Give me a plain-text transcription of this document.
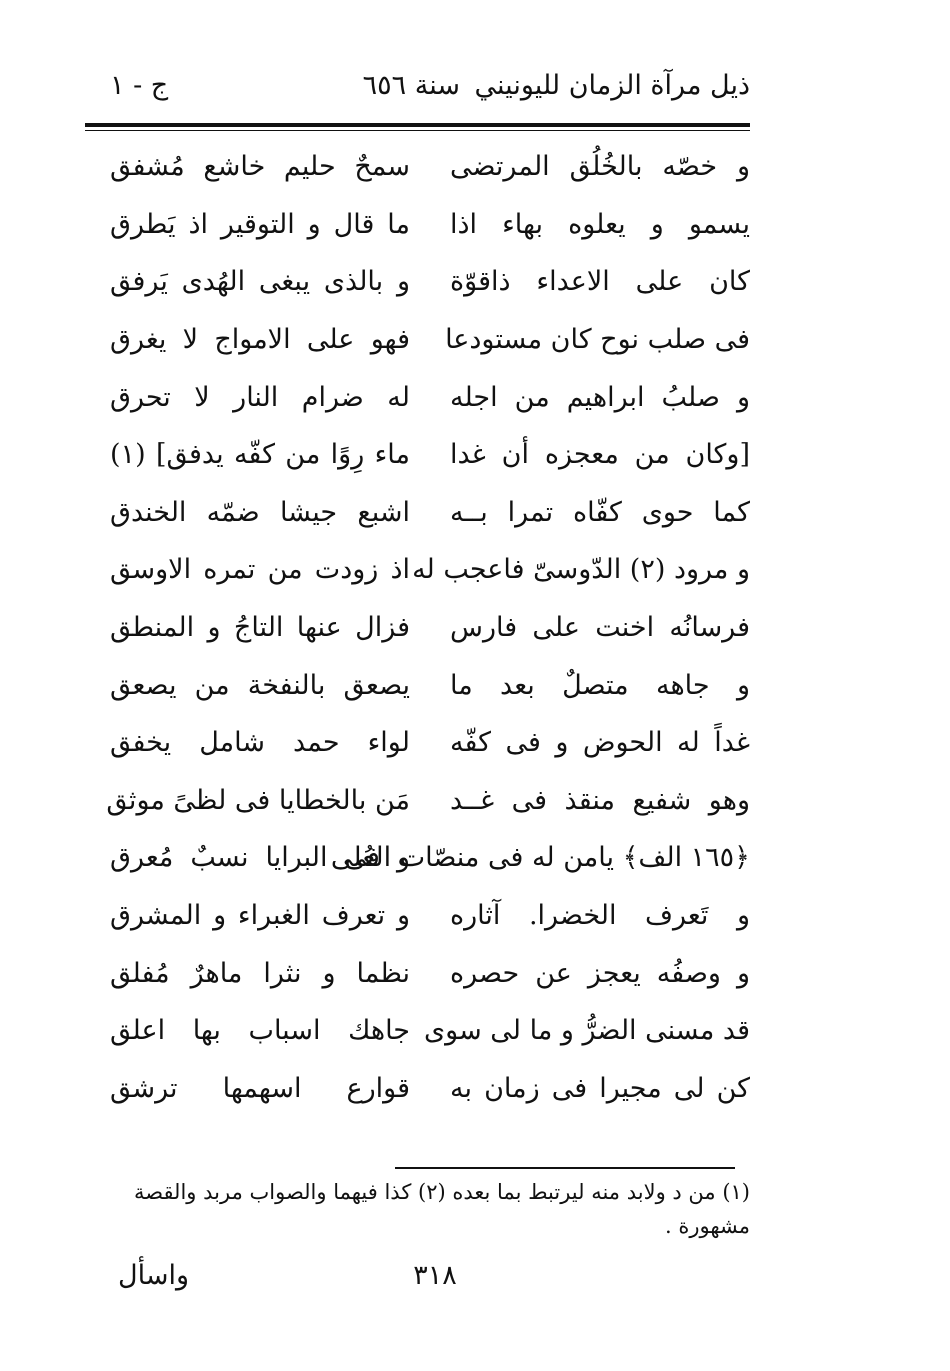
ذيل مرآة الزمان لليونيني
سنة ٦٥٦
ج - ١
و خصّه بالخُلُق المرتضى
سمحٌ حليم خاشع مُشفق
يسمو و يعلوه بهاء اذا
ما قال و التوقير اذ يَطرق
كان على الاعداء ذاقوّة
و بالذى يبغى الهُدى يَرفق
فى صلب نوح كان مستودعا
فهو على الامواج لا يغرق
و صلبُ ابراهيم من اجله
له ضرام النار لا تحرق
[وكان من معجزه أن غدا
ماء رِوًا من كفّه يدفق] (١)
كما حوى كفّاه تمرا بــه
اشبع جيشا ضمّه الخندق
و مرود (٢) الدّوسىّ فاعجب له
اذ زودت من تمره الاوسق
فرسانُه اخنت على فارس
فزال عنها التاجُ و المنطق
و جاهه متصلٌ بعد ما
يصعق بالنفخة من يصعق
غداً له الحوض و فى كفّه
لواء حمد شامل يخفق
وهو شفيع منقذ فى غــد
مَن بالخطايا فى لظىً موثق
﴿١٦٥ الف﴾ يامن له فى منصّات العُلى
و فى البرايا نسبٌ مُعرق
و تَعرف الخضرا. آثاره
و تعرف الغبراء و المشرق
و وصفُه يعجز عن حصره
نظما و نثرا ماهرٌ مُفلق
قد مسنى الضرُّ و ما لى سوى
جاهك اسباب بها اعلق
كن لى مجيرا فى زمان به
قوارع اسهمها ترشق
(١) من د ولابد منه ليرتبط بما بعده (٢) كذا فيهما والصواب مربد والقصة
مشهورة .
واسأل	٣١٨
